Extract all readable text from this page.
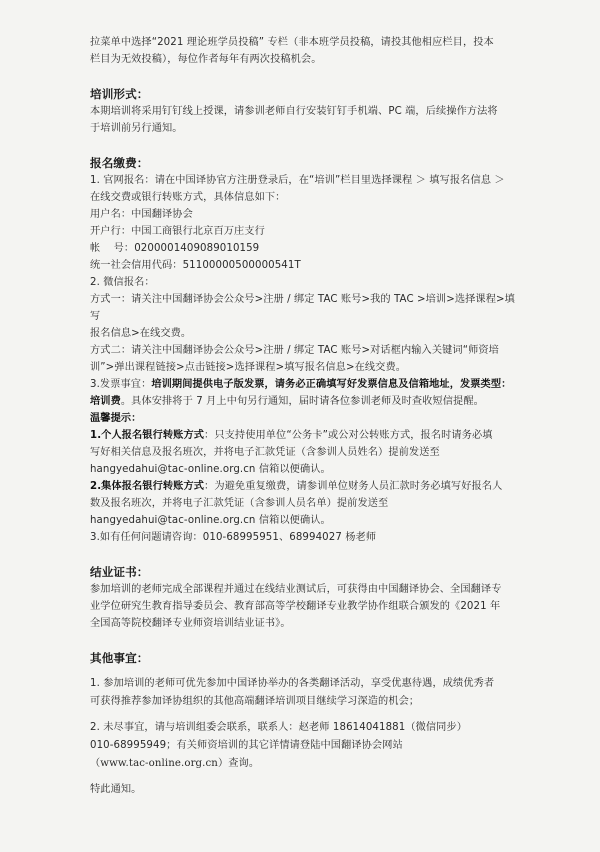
拉菜单中选择“2021 理论班学员投稿” 专栏（非本班学员投稿，请投其他相应栏目，投本

栏目为无效投稿），每位作者每年有两次投稿机会。

培训形式：

本期培训将采用钉钉线上授课，请参训老师自行安装钉钉手机端、PC 端，后续操作方法将

于培训前另行通知。

报名缴费：

1. 官网报名：请在中国译协官方注册登录后，在“培训”栏目里选择课程 ＞ 填写报名信息 ＞

在线交费或银行转账方式，具体信息如下：

用户名：中国翻译协会

开户行：中国工商银行北京百万庄支行

帐    号：0200001409089010159

统一社会信用代码：51100000500000541T

2. 微信报名：

方式一：请关注中国翻译协会公众号>注册 / 绑定 TAC 账号>我的 TAC >培训>选择课程>填写

报名信息>在线交费。

方式二：请关注中国翻译协会公众号>注册 / 绑定 TAC 账号>对话框内输入关键词“师资培

训”>弹出课程链接>点击链接>选择课程>填写报名信息>在线交费。

3.发票事宜：培训期间提供电子版发票，请务必正确填写好发票信息及信箱地址，发票类型：
培训费。具体安排将于 7 月上中旬另行通知，届时请各位参训老师及时查收短信提醒。

温馨提示：

1.个人报名银行转账方式：只支持使用单位“公务卡”或公对公转账方式，报名时请务必填

写好相关信息及报名班次，并将电子汇款凭证（含参训人员姓名）提前发送至

hangyedahui@tac-online.org.cn 信箱以便确认。

2.集体报名银行转账方式：为避免重复缴费，请参训单位财务人员汇款时务必填写好报名人

数及报名班次，并将电子汇款凭证（含参训人员名单）提前发送至

hangyedahui@tac-online.org.cn 信箱以便确认。

3.如有任何问题请咨询：010-68995951、68994027 杨老师

结业证书：

参加培训的老师完成全部课程并通过在线结业测试后，可获得由中国翻译协会、全国翻译专

业学位研究生教育指导委员会、教育部高等学校翻译专业教学协作组联合颁发的《2021 年

全国高等院校翻译专业师资培训结业证书》。

其他事宜：

1. 参加培训的老师可优先参加中国译协举办的各类翻译活动，享受优惠待遇，成绩优秀者

可获得推荐参加译协组织的其他高端翻译培训项目继续学习深造的机会；

2. 未尽事宜，请与培训组委会联系，联系人：赵老师 18614041881（微信同步）

010-68995949；有关师资培训的其它详情请登陆中国翻译协会网站

（www.tac-online.org.cn）查询。

特此通知。
